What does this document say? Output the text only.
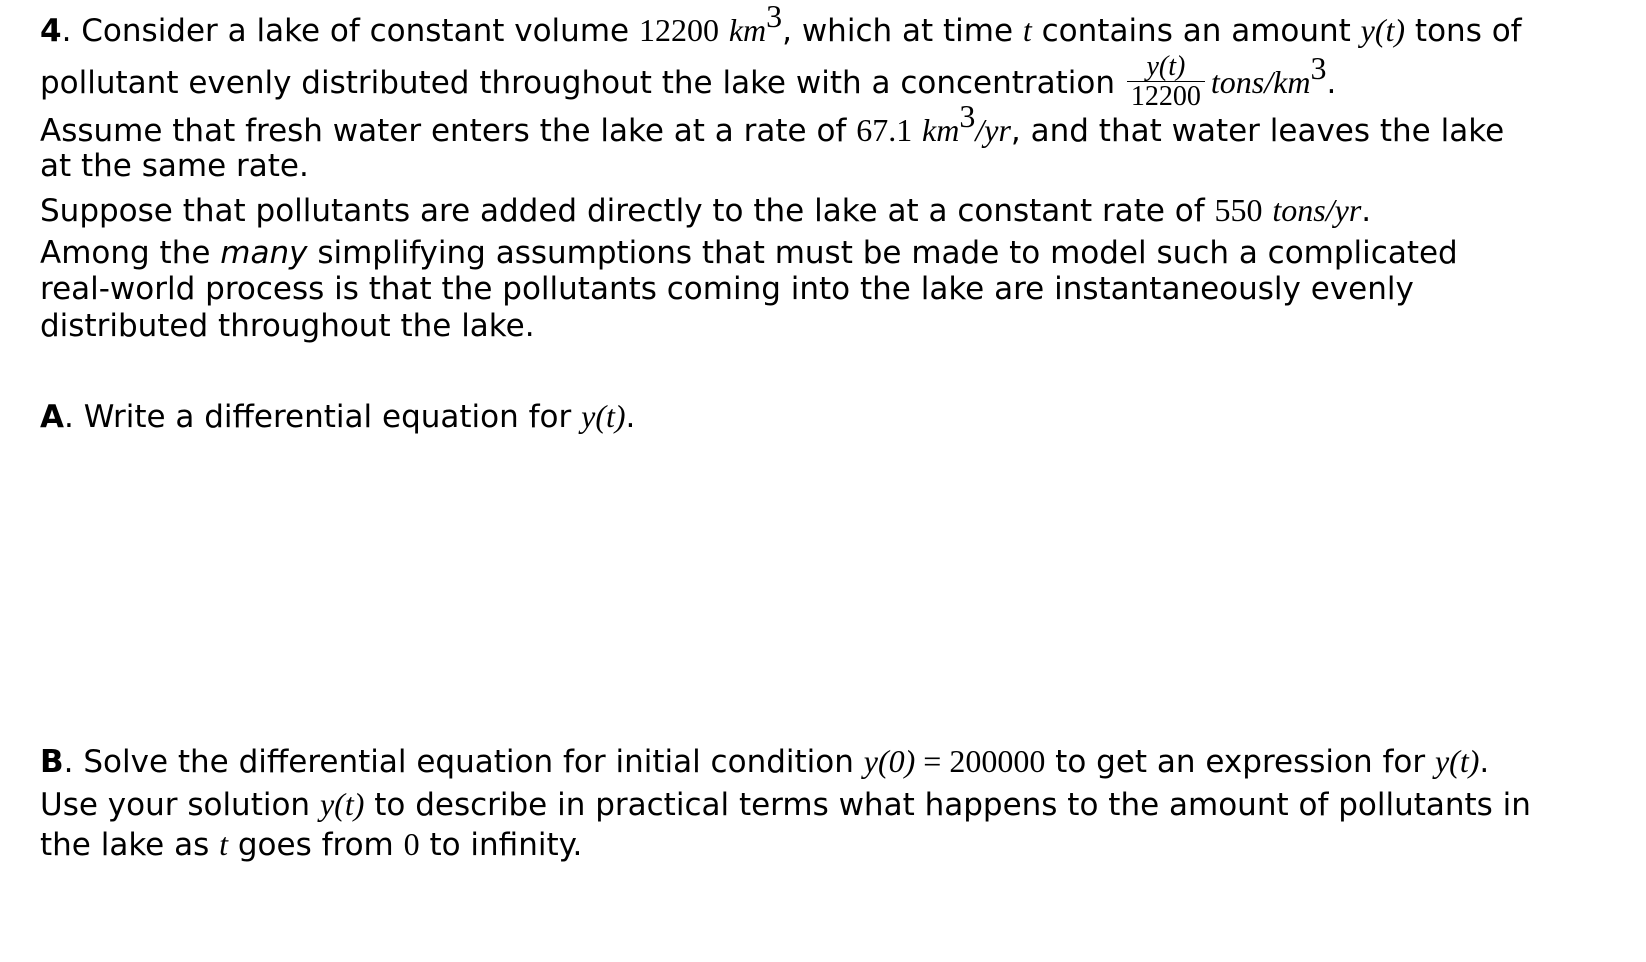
4. Consider a lake of constant volume 12200 km3, which at time t contains an amount y(t) tons of
pollutant evenly distributed throughout the lake with a concentration $\frac{y(t)}{12200}$ tons/km3.
Assume that fresh water enters the lake at a rate of 67.1 km3/yr, and that water leaves the lake
at the same rate.
Suppose that pollutants are added directly to the lake at a constant rate of 550 tons/yr.
Among the many simplifying assumptions that must be made to model such a complicated
real-world process is that the pollutants coming into the lake are instantaneously evenly
distributed throughout the lake.
A. Write a differential equation for y(t).
B. Solve the differential equation for initial condition y(0) = 200000 to get an expression for y(t).
Use your solution y(t) to describe in practical terms what happens to the amount of pollutants in
the lake as t goes from 0 to infinity.
